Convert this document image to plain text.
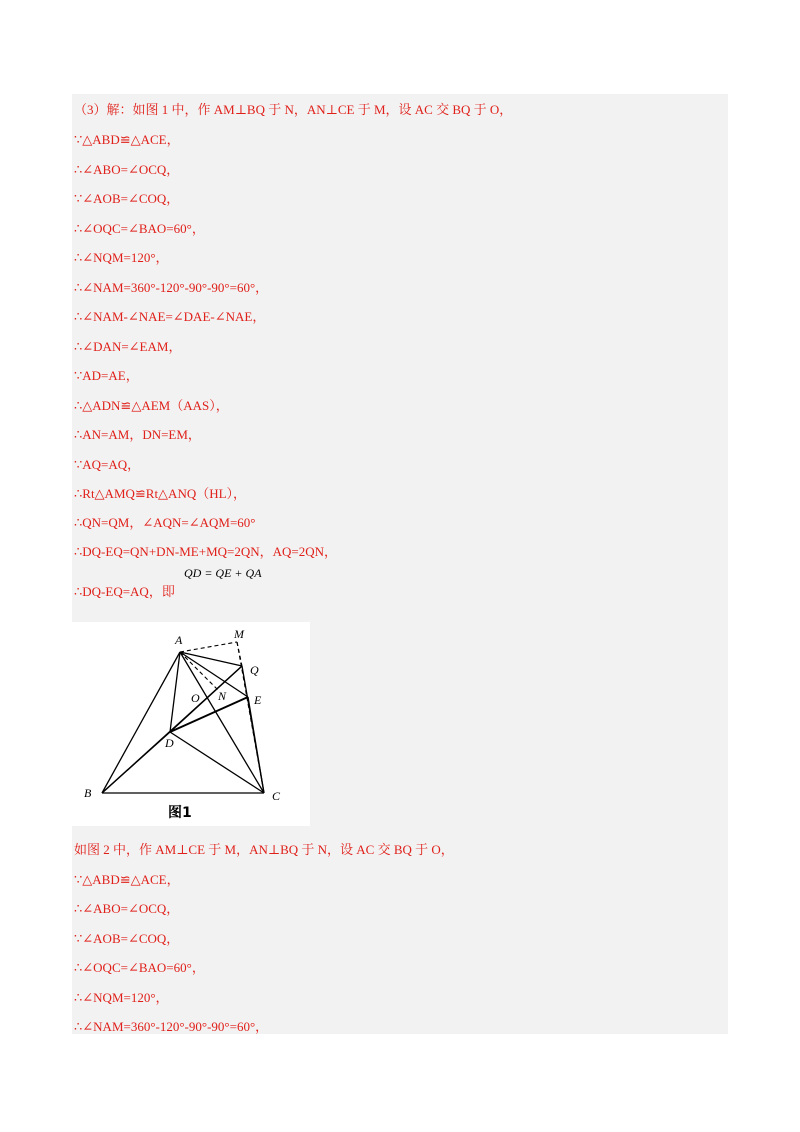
（3）解：如图 1 中，作 AM⊥BQ 于 N，AN⊥CE 于 M，设 AC 交 BQ 于 O，
∵△ABD≌△ACE，
∴∠ABO=∠OCQ，
∵∠AOB=∠COQ，
∴∠OQC=∠BAO=60°，
∴∠NQM=120°，
∴∠NAM=360°-120°-90°-90°=60°，
∴∠NAM-∠NAE=∠DAE-∠NAE，
∴∠DAN=∠EAM，
∵AD=AE，
∴△ADN≌△AEM（AAS），
∴AN=AM，DN=EM，
∵AQ=AQ，
∴Rt△AMQ≌Rt△ANQ（HL），
∴QN=QM，∠AQN=∠AQM=60°
∴DQ-EQ=QN+DN-ME+MQ=2QN，AQ=2QN，
∴DQ-EQ=AQ，即
QD = QE + QA
A	M
Q
O N E
D
B	C
图1
如图 2 中，作 AM⊥CE 于 M，AN⊥BQ 于 N，设 AC 交 BQ 于 O，
∵△ABD≌△ACE，
∴∠ABO=∠OCQ，
∵∠AOB=∠COQ，
∴∠OQC=∠BAO=60°，
∴∠NQM=120°，
∴∠NAM=360°-120°-90°-90°=60°，
